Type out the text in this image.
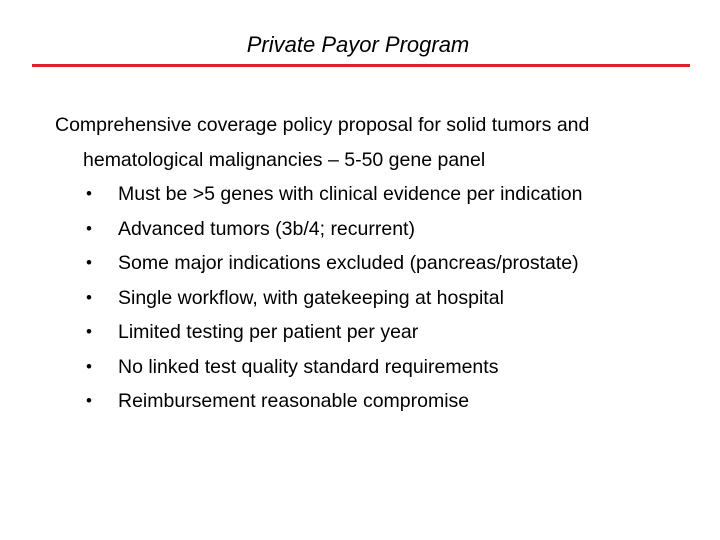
Private Payor Program
Comprehensive coverage policy proposal for solid tumors and
hematological malignancies – 5-50 gene panel
• Must be >5 genes with clinical evidence per indication
• Advanced tumors (3b/4; recurrent)
• Some major indications excluded (pancreas/prostate)
• Single workflow, with gatekeeping at hospital
• Limited testing per patient per year
• No linked test quality standard requirements
• Reimbursement reasonable compromise
